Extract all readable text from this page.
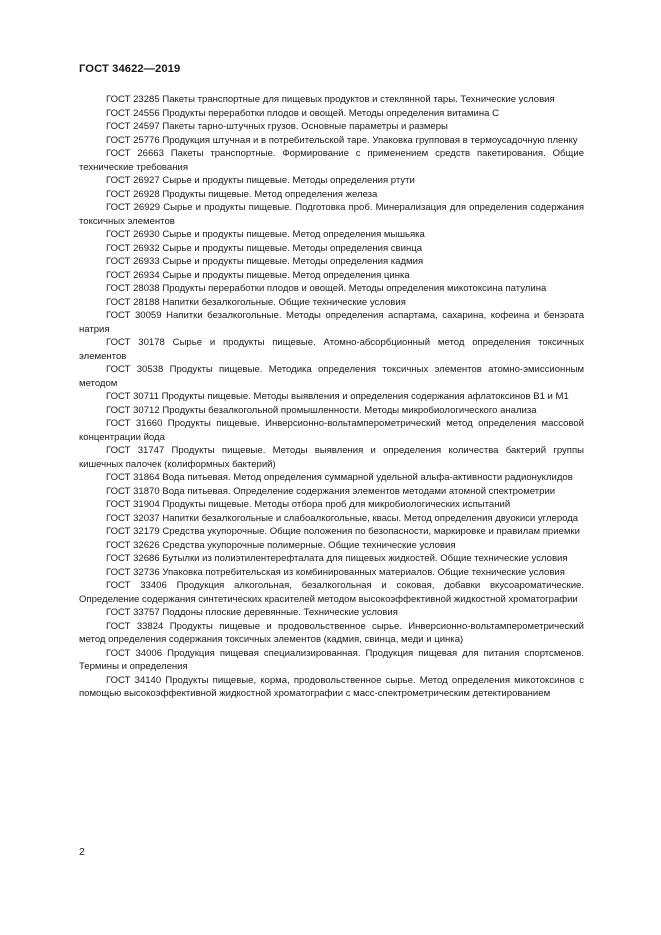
ГОСТ 34622—2019
ГОСТ 23285 Пакеты транспортные для пищевых продуктов и стеклянной тары. Технические условия
ГОСТ 24556 Продукты переработки плодов и овощей. Методы определения витамина С
ГОСТ 24597 Пакеты тарно-штучных грузов. Основные параметры и размеры
ГОСТ 25776 Продукция штучная и в потребительской таре. Упаковка групповая в термоусадочную пленку
ГОСТ 26663 Пакеты транспортные. Формирование с применением средств пакетирования. Общие технические требования
ГОСТ 26927 Сырье и продукты пищевые. Методы определения ртути
ГОСТ 26928 Продукты пищевые. Метод определения железа
ГОСТ 26929 Сырье и продукты пищевые. Подготовка проб. Минерализация для определения содержания токсичных элементов
ГОСТ 26930 Сырье и продукты пищевые. Метод определения мышьяка
ГОСТ 26932 Сырье и продукты пищевые. Методы определения свинца
ГОСТ 26933 Сырье и продукты пищевые. Методы определения кадмия
ГОСТ 26934 Сырье и продукты пищевые. Метод определения цинка
ГОСТ 28038 Продукты переработки плодов и овощей. Методы определения микотоксина патулина
ГОСТ 28188 Напитки безалкогольные. Общие технические условия
ГОСТ 30059 Напитки безалкогольные. Методы определения аспартама, сахарина, кофеина и бензоата натрия
ГОСТ 30178 Сырье и продукты пищевые. Атомно-абсорбционный метод определения токсичных элементов
ГОСТ 30538 Продукты пищевые. Методика определения токсичных элементов атомно-эмиссионным методом
ГОСТ 30711 Продукты пищевые. Методы выявления и определения содержания афлатоксинов В1 и М1
ГОСТ 30712 Продукты безалкогольной промышленности. Методы микробиологического анализа
ГОСТ 31660 Продукты пищевые. Инверсионно-вольтамперометрический метод определения массовой концентрации йода
ГОСТ 31747 Продукты пищевые. Методы выявления и определения количества бактерий группы кишечных палочек (колиформных бактерий)
ГОСТ 31864 Вода питьевая. Метод определения суммарной удельной альфа-активности радионуклидов
ГОСТ 31870 Вода питьевая. Определение содержания элементов методами атомной спектрометрии
ГОСТ 31904 Продукты пищевые. Методы отбора проб для микробиологических испытаний
ГОСТ 32037 Напитки безалкогольные и слабоалкогольные, квасы. Метод определения двуокиси углерода
ГОСТ 32179 Средства укупорочные. Общие положения по безопасности, маркировке и правилам приемки
ГОСТ 32626 Средства укупорочные полимерные. Общие технические условия
ГОСТ 32686 Бутылки из полиэтилентерефталата для пищевых жидкостей. Общие технические условия
ГОСТ 32736 Упаковка потребительская из комбинированных материалов. Общие технические условия
ГОСТ 33406 Продукция алкогольная, безалкогольная и соковая, добавки вкусоароматические. Определение содержания синтетических красителей методом высокоэффективной жидкостной хроматографии
ГОСТ 33757 Поддоны плоские деревянные. Технические условия
ГОСТ 33824 Продукты пищевые и продовольственное сырье. Инверсионно-вольтамперометрический метод определения содержания токсичных элементов (кадмия, свинца, меди и цинка)
ГОСТ 34006 Продукция пищевая специализированная. Продукция пищевая для питания спортсменов. Термины и определения
ГОСТ 34140 Продукты пищевые, корма, продовольственное сырье. Метод определения микотоксинов с помощью высокоэффективной жидкостной хроматографии с масс-спектрометрическим детектированием
2
